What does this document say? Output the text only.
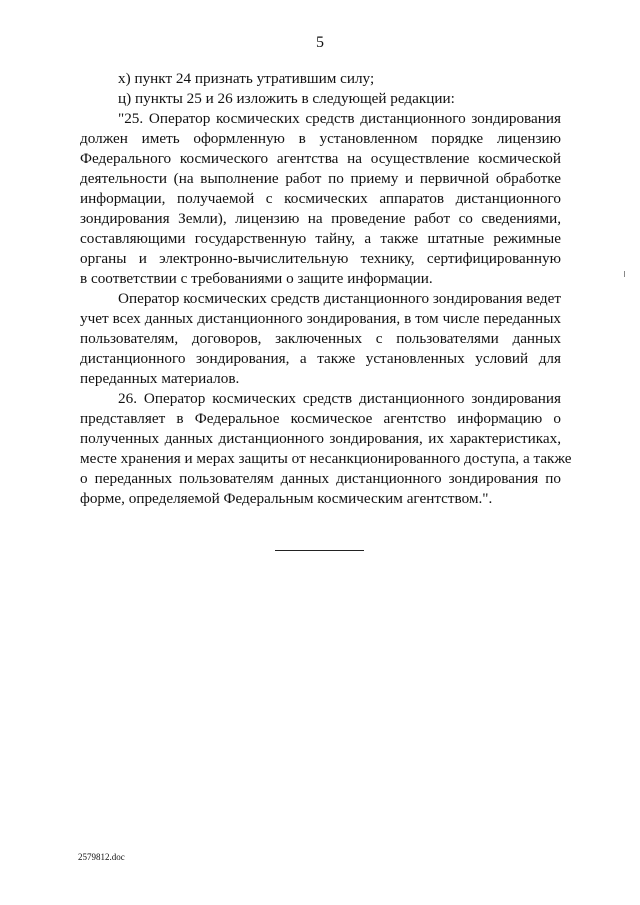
5
х) пункт 24 признать утратившим силу;
ц) пункты 25 и 26 изложить в следующей редакции:
"25. Оператор космических средств дистанционного зондирования
должен иметь оформленную в установленном порядке лицензию
Федерального космического агентства на осуществление космической
деятельности (на выполнение работ по приему и первичной обработке
информации, получаемой с космических аппаратов дистанционного
зондирования Земли), лицензию на проведение работ со сведениями,
составляющими государственную тайну, а также штатные режимные
органы и электронно-вычислительную технику, сертифицированную
в соответствии с требованиями о защите информации.
Оператор космических средств дистанционного зондирования ведет
учет всех данных дистанционного зондирования, в том числе переданных
пользователям, договоров, заключенных с пользователями данных
дистанционного зондирования, а также установленных условий для
переданных материалов.
26. Оператор космических средств дистанционного зондирования
представляет в Федеральное космическое агентство информацию о
полученных данных дистанционного зондирования, их характеристиках,
месте хранения и мерах защиты от несанкционированного доступа, а также
о переданных пользователям данных дистанционного зондирования по
форме, определяемой Федеральным космическим агентством.".
2579812.doc
